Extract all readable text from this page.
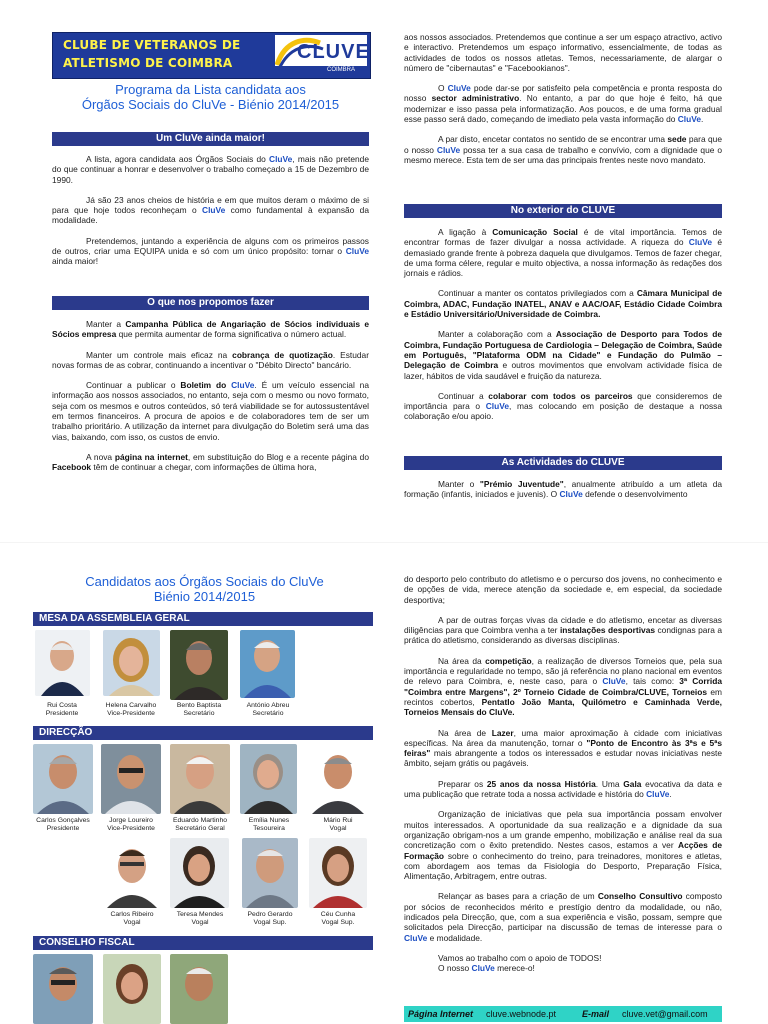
CLUBE DE VETERANOS DE
ATLETISMO DE COIMBRA	CLUVE
COIMBRA
Programa da Lista candidata aos
Órgãos Sociais do CluVe - Biénio 2014/2015
Um CluVe ainda maior!

A lista, agora candidata aos Órgãos Sociais do CluVe, mais não pretende do que continuar a honrar e desenvolver o trabalho começado a 15 de Dezembro de 1990.

Já são 23 anos cheios de história e em que muitos deram o máximo de si para que hoje todos reconheçam o CluVe como fundamental à expansão da modalidade.

Pretendemos, juntando a experiência de alguns com os primeiros passos de outros, criar uma EQUIPA unida e só com um único propósito: tornar o CluVe ainda maior!

O que nos propomos fazer

Manter a Campanha Pública de Angariação de Sócios individuais e Sócios empresa que permita aumentar de forma significativa o número actual.

Manter um controle mais eficaz na cobrança de quotização. Estudar novas formas de as cobrar, continuando a incentivar o "Débito Directo" bancário.

Continuar a publicar o Boletim do CluVe. É um veículo essencial na informação aos nossos associados, no entanto, seja com o mesmo ou novo formato, seja com os mesmos e outros conteúdos, só terá viabilidade se for autossustentável em termos financeiros. A procura de apoios e de colaboradores tem de ser um trabalho prioritário. A utilização da internet para divulgação do Boletim será uma das vias, baixando, com isso, os custos de envio.

A nova página na internet, em substituição do Blog e a recente página do Facebook têm de continuar a chegar, com informações de última hora,

aos nossos associados. Pretendemos que continue a ser um espaço atractivo, activo e interactivo. Pretendemos um espaço informativo, essencialmente, de todas as actividades de todos os nossos atletas. Temos, necessariamente, de alargar o número de "cibernautas" e "Facebookianos".

O CluVe pode dar-se por satisfeito pela competência e pronta resposta do nosso sector administrativo. No entanto, a par do que hoje é feito, há que modernizar e isso passa pela informatização. Aos poucos, e de uma forma gradual esse passo será dado, começando de imediato pela vasta informação do CluVe.

A par disto, encetar contatos no sentido de se encontrar uma sede para que o nosso CluVe possa ter a sua casa de trabalho e convívio, com a dignidade que o mesmo merece. Esta tem de ser uma das principais frentes neste novo mandato.

No exterior do CLUVE

A ligação à Comunicação Social é de vital importância. Temos de encontrar formas de fazer divulgar a nossa actividade. A riqueza do CluVe é demasiado grande frente à pobreza daquela que divulgamos. Temos de fazer chegar, de uma forma célere, regular e muito objectiva, a nossa informação às redações dos jornais e rádios.

Continuar a manter os contatos privilegiados com a Câmara Municipal de Coimbra, ADAC, Fundação INATEL, ANAV e AAC/OAF, Estádio Cidade Coimbra e Estádio Universitário/Universidade de Coimbra.

Manter a colaboração com a Associação de Desporto para Todos de Coimbra, Fundação Portuguesa de Cardiologia – Delegação de Coimbra, Saúde em Português, "Plataforma ODM na Cidade" e Fundação do Pulmão – Delegação de Coimbra e outros movimentos que envolvam actividade física de lazer, hábitos de vida saudável e fruição da natureza.

Continuar a colaborar com todos os parceiros que consideremos de importância para o CluVe, mas colocando em posição de destaque a nossa colaboração e/ou apoio.

As Actividades do CLUVE

Manter o "Prémio Juventude", anualmente atribuído a um atleta da formação (infantis, iniciados e juvenis). O CluVe defende o desenvolvimento

Candidatos aos Órgãos Sociais do CluVe
Biénio 2014/2015
MESA DA ASSEMBLEIA GERAL
Rui Costa
Presidente
Helena Carvalho
Vice-Presidente
Bento Baptista
Secretário
António Abreu
Secretário
DIRECÇÃO
Carlos Gonçalves
Presidente
Jorge Loureiro
Vice-Presidente
Eduardo Martinho
Secretário Geral
Emília Nunes
Tesoureira
Mário Rui
Vogal
Carlos Ribeiro
Vogal
Teresa Mendes
Vogal
Pedro Gerardo
Vogal Sup.
Céu Cunha
Vogal Sup.
CONSELHO FISCAL

do desporto pelo contributo do atletismo e o percurso dos jovens, no conhecimento e de opções de vida, merece atenção da sociedade e, em especial, da sociedade desportiva;

A par de outras forças vivas da cidade e do atletismo, encetar as diversas diligências para que Coimbra venha a ter instalações desportivas condignas para a prática do atletismo, considerando as diversas disciplinas.

Na área da competição, a realização de diversos Torneios que, pela sua importância e regularidade no tempo, são já referência no plano nacional em eventos de relevo para Coimbra, e, neste caso, para o CluVe, tais como: 3ª Corrida "Coimbra entre Margens", 2º Torneio Cidade de Coimbra/CLUVE, Torneios em recintos cobertos, Pentatlo João Manta, Quilómetro e Caminhada Verde, Torneios Mensais do CluVe.

Na área de Lazer, uma maior aproximação à cidade com iniciativas específicas. Na área da manutenção, tornar o "Ponto de Encontro às 3ªs e 5ªs feiras" mais abrangente a todos os interessados e estudar novas iniciativas neste âmbito, sejam grátis ou pagáveis.

Preparar os 25 anos da nossa História. Uma Gala evocativa da data e uma publicação que retrate toda a nossa actividade e história do CluVe.

Organização de iniciativas que pela sua importância possam envolver muitos interessados. A oportunidade da sua realização e a dignidade da sua organização obrigam-nos a um grande empenho, mobilização e análise real da sua concretização com o êxito pretendido. Nestes casos, estamos a ver Acções de Formação sobre o conhecimento do treino, para treinadores, monitores e atletas, com abordagem aos temas da Fisiologia do Desporto, Preparação Física, Alimentação, Arbitragem, entre outras.

Relançar as bases para a criação de um Conselho Consultivo composto por sócios de reconhecidos mérito e prestígio dentro da modalidade, ou não, indicados pela Direcção, que, com a sua experiência e visão, possam, sempre que solicitados pela Direcção, participar na discussão de temas de interesse para o CluVe e modalidade.

Vamos ao trabalho com o apoio de TODOS!

O nosso CluVe merece-o!

Página Internet cluve.webnode.pt	E-mail cluve.vet@gmail.com
